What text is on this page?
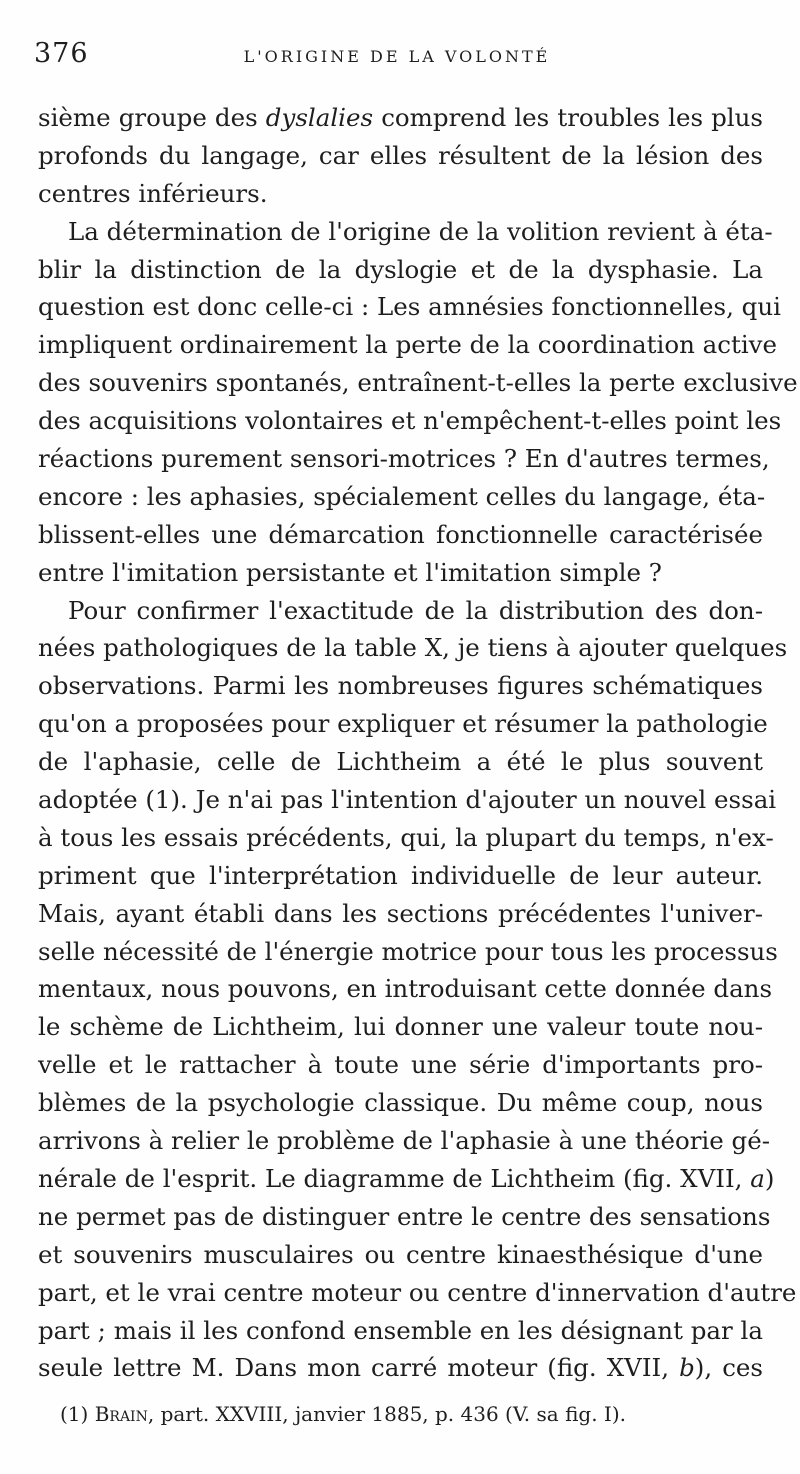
376	L'ORIGINE DE LA VOLONTÉ
sième groupe des dyslalies comprend les troubles les plus
profonds du langage, car elles résultent de la lésion des
centres inférieurs.
La détermination de l'origine de la volition revient à éta-
blir la distinction de la dyslogie et de la dysphasie. La
question est donc celle-ci : Les amnésies fonctionnelles, qui
impliquent ordinairement la perte de la coordination active
des souvenirs spontanés, entraînent-t-elles la perte exclusive
des acquisitions volontaires et n'empêchent-t-elles point les
réactions purement sensori-motrices ? En d'autres termes,
encore : les aphasies, spécialement celles du langage, éta-
blissent-elles une démarcation fonctionnelle caractérisée
entre l'imitation persistante et l'imitation simple ?
Pour confirmer l'exactitude de la distribution des don-
nées pathologiques de la table X, je tiens à ajouter quelques
observations. Parmi les nombreuses figures schématiques
qu'on a proposées pour expliquer et résumer la pathologie
de l'aphasie, celle de Lichtheim a été le plus souvent
adoptée (1). Je n'ai pas l'intention d'ajouter un nouvel essai
à tous les essais précédents, qui, la plupart du temps, n'ex-
priment que l'interprétation individuelle de leur auteur.
Mais, ayant établi dans les sections précédentes l'univer-
selle nécessité de l'énergie motrice pour tous les processus
mentaux, nous pouvons, en introduisant cette donnée dans
le schème de Lichtheim, lui donner une valeur toute nou-
velle et le rattacher à toute une série d'importants pro-
blèmes de la psychologie classique. Du même coup, nous
arrivons à relier le problème de l'aphasie à une théorie gé-
nérale de l'esprit. Le diagramme de Lichtheim (fig. XVII, a)
ne permet pas de distinguer entre le centre des sensations
et souvenirs musculaires ou centre kinaesthésique d'une
part, et le vrai centre moteur ou centre d'innervation d'autre
part ; mais il les confond ensemble en les désignant par la
seule lettre M. Dans mon carré moteur (fig. XVII, b), ces
(1) Brain, part. XXVIII, janvier 1885, p. 436 (V. sa fig. I).
